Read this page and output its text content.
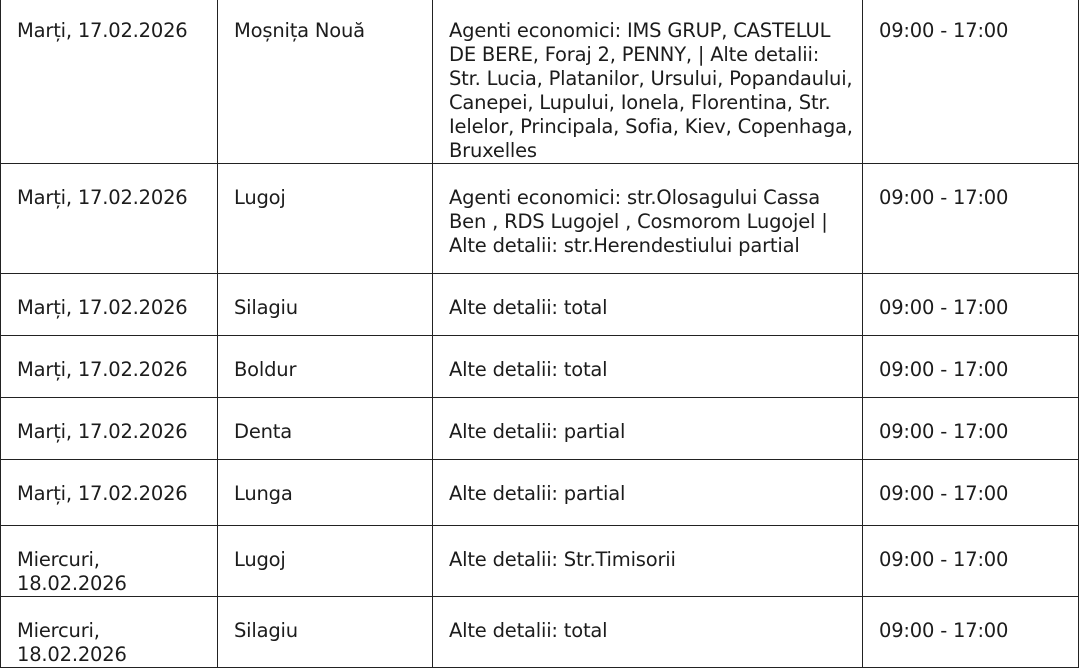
Marți, 17.02.2026	Moșnița Nouă	Agenti economici: IMS GRUP, CASTELUL DE BERE, Foraj 2, PENNY, | Alte detalii: Str. Lucia, Platanilor, Ursului, Popandaului, Canepei, Lupului, Ionela, Florentina, Str. Ielelor, Principala, Sofia, Kiev, Copenhaga, Bruxelles	09:00 - 17:00
Marți, 17.02.2026	Lugoj	Agenti economici: str.Olosagului Cassa Ben , RDS Lugojel , Cosmorom Lugojel | Alte detalii: str.Herendestiului partial	09:00 - 17:00
Marți, 17.02.2026	Silagiu	Alte detalii: total	09:00 - 17:00
Marți, 17.02.2026	Boldur	Alte detalii: total	09:00 - 17:00
Marți, 17.02.2026	Denta	Alte detalii: partial	09:00 - 17:00
Marți, 17.02.2026	Lunga	Alte detalii: partial	09:00 - 17:00
Miercuri, 18.02.2026	Lugoj	Alte detalii: Str.Timisorii	09:00 - 17:00
Miercuri, 18.02.2026	Silagiu	Alte detalii: total	09:00 - 17:00
